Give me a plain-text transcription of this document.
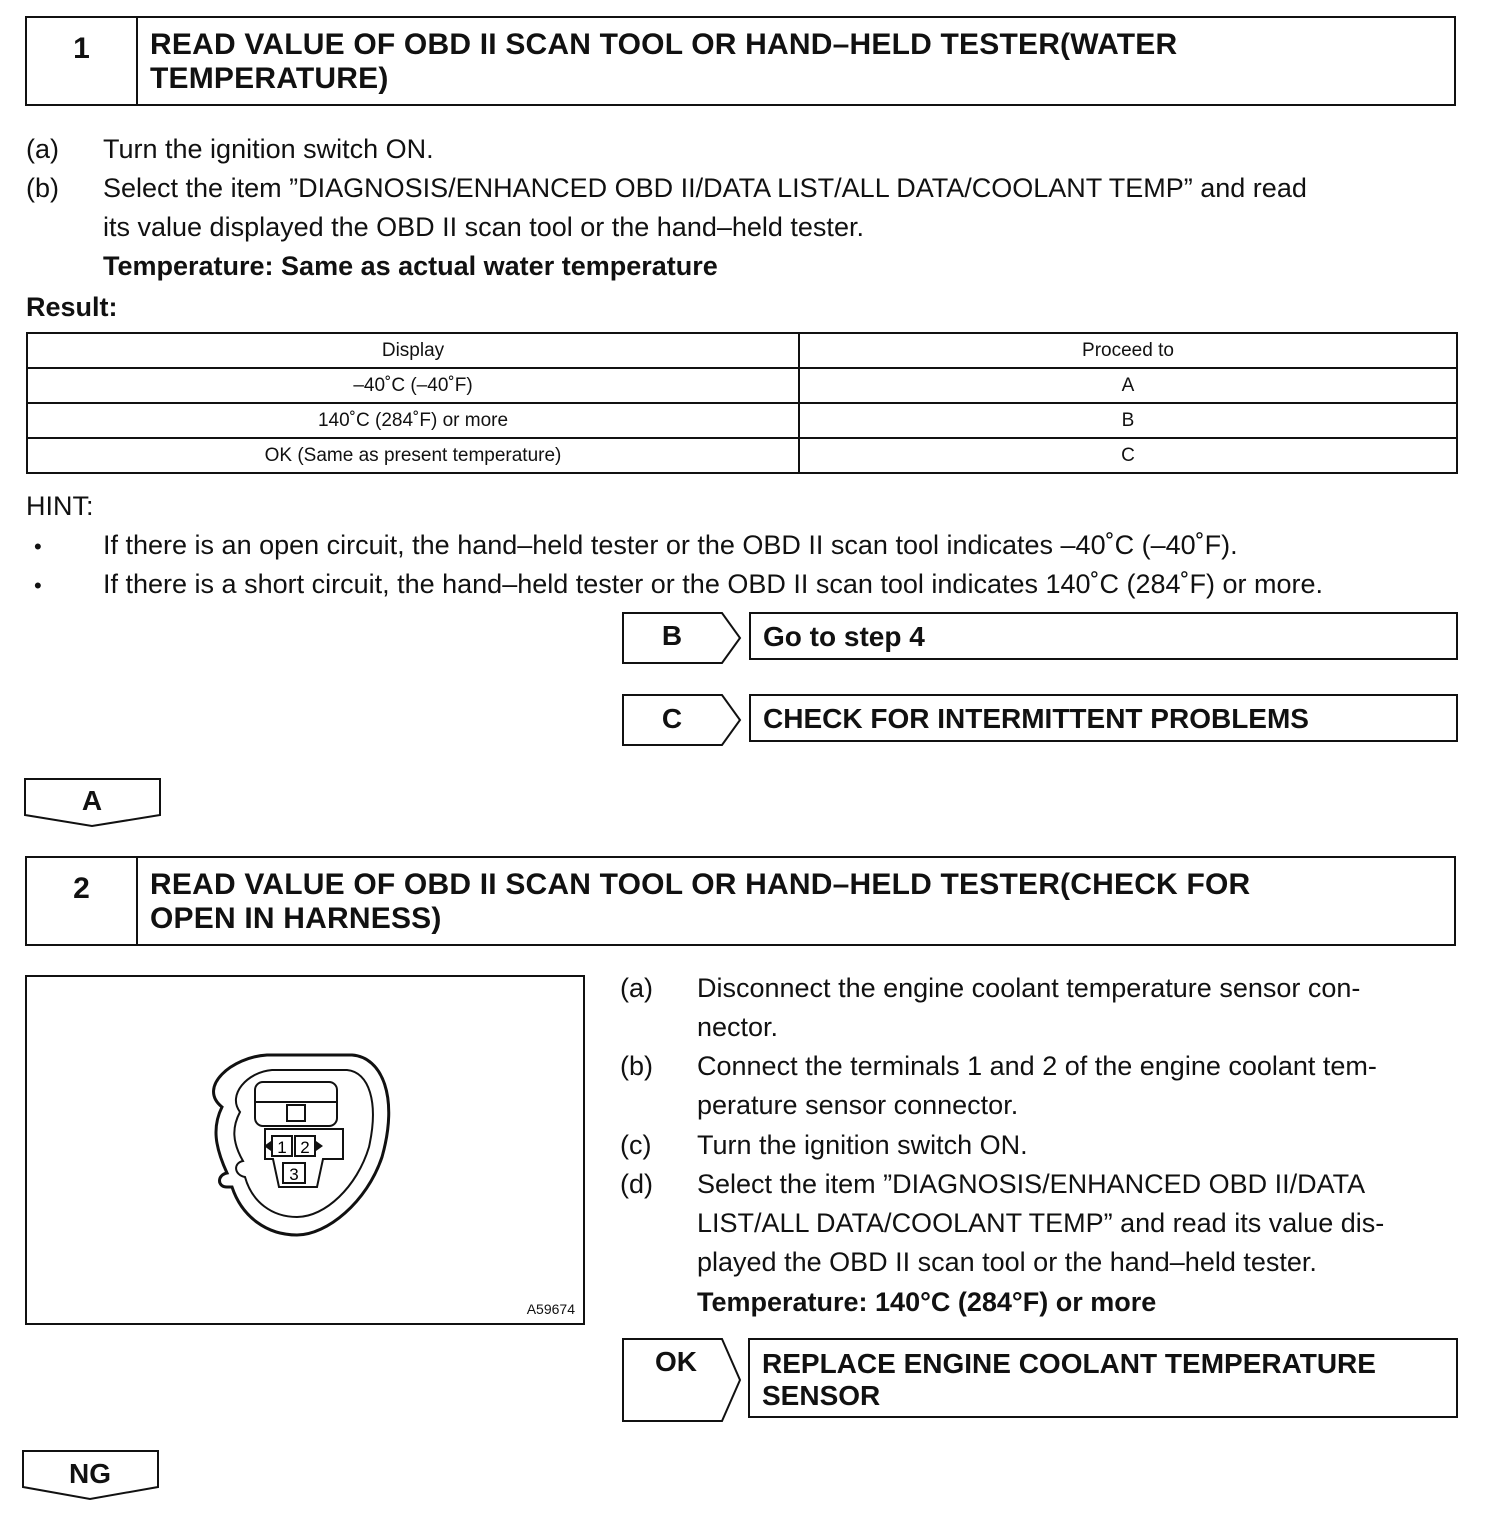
1	READ VALUE OF OBD II SCAN TOOL OR HAND–HELD TESTER(WATER
TEMPERATURE)
(a) Turn the ignition switch ON.
(b) Select the item ”DIAGNOSIS/ENHANCED OBD II/DATA LIST/ALL DATA/COOLANT TEMP” and read
its value displayed the OBD II scan tool or the hand–held tester.
Temperature: Same as actual water temperature
Result:
Display	Proceed to
–40˚C (–40˚F)	A
140˚C (284˚F) or more	B
OK (Same as present temperature)	C
HINT:
• If there is an open circuit, the hand–held tester or the OBD II scan tool indicates –40˚C (–40˚F).
• If there is a short circuit, the hand–held tester or the OBD II scan tool indicates 140˚C (284˚F) or more.
B	Go to step 4
C	CHECK FOR INTERMITTENT PROBLEMS
A
2	READ VALUE OF OBD II SCAN TOOL OR HAND–HELD TESTER(CHECK FOR
OPEN IN HARNESS)
1 2
3
A59674
(a) Disconnect the engine coolant temperature sensor con-
nector.
(b) Connect the terminals 1 and 2 of the engine coolant tem-
perature sensor connector.
(c) Turn the ignition switch ON.
(d) Select the item ”DIAGNOSIS/ENHANCED OBD II/DATA
LIST/ALL DATA/COOLANT TEMP” and read its value dis-
played the OBD II scan tool or the hand–held tester.
Temperature: 140°C (284°F) or more
OK	REPLACE ENGINE COOLANT TEMPERATURE
SENSOR
NG
